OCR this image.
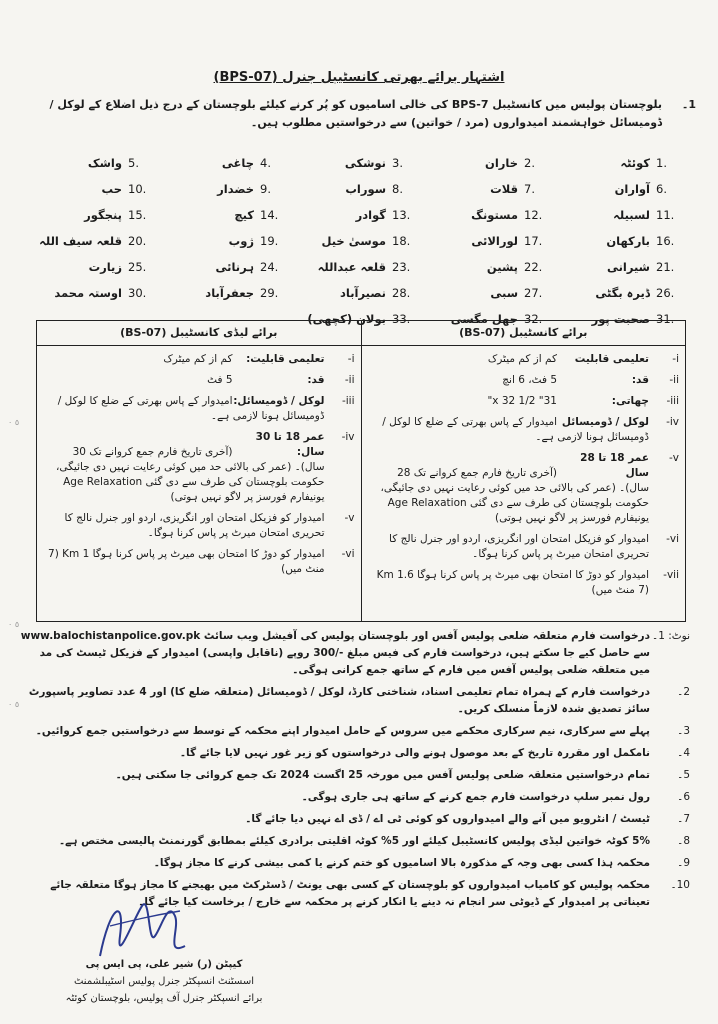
اشتہار برائے بھرتی کانسٹیبل جنرل (BPS-07)
1۔
بلوچستان پولیس میں کانسٹیبل BPS-7 کی خالی اسامیوں کو پُر کرنے کیلئے بلوچستان کے درج ذیل اضلاع کے لوکل / ڈومیسائل خواہشمند امیدواروں (مرد / خواتین) سے درخواستیں مطلوب ہیں۔
1.
کوئٹہ
2.
خاران
3.
نوشکی
4.
چاغی
5.
واشک
6.
آواران
7.
قلات
8.
سوراب
9.
خضدار
10.
حب
11.
لسبیلہ
12.
مستونگ
13.
گوادر
14.
کیچ
15.
پنجگور
16.
بارکھان
17.
لورالائی
18.
موسیٰ خیل
19.
ژوب
20.
قلعہ سیف اللہ
21.
شیرانی
22.
پشین
23.
قلعہ عبداللہ
24.
ہرنائی
25.
زیارت
26.
ڈیرہ بگٹی
27.
سبی
28.
نصیرآباد
29.
جعفرآباد
30.
اوستہ محمد
31.
صحبت پور
32.
جھل مگسی
33.
بولان (کچھی)
برائے کانسٹیبل (BS-07)
i-
تعلیمی قابلیتکم از کم میٹرک
ii-
قد:5 فٹ، 6 انچ
iii-
چھاتی:31" x 32 1/2"
iv-
لوکل / ڈومیسائلامیدوار کے پاس بھرتی کے ضلع کا لوکل / ڈومیسائل ہونا لازمی ہے۔
v-
عمر 18 تا 28 سال(آخری تاریخ فارم جمع کروانے تک 28 سال)۔ (عمر کی بالائی حد میں کوئی رعایت نہیں دی جائیگی، حکومت بلوچستان کی طرف سے دی گئی Age Relaxation یونیفارم فورسز پر لاگو نہیں ہوتی)
vi-
امیدوار کو فزیکل امتحان اور انگریزی، اردو اور جنرل نالج کا تحریری امتحان میرٹ پر پاس کرنا ہوگا۔
vii-
امیدوار کو دوڑ کا امتحان بھی میرٹ پر پاس کرنا ہوگا 1.6 Km (7 منٹ میں)
برائے لیڈی کانسٹیبل (BS-07)
i-
تعلیمی قابلیت:کم از کم میٹرک
ii-
قد:5 فٹ
iii-
لوکل / ڈومیسائل:امیدوار کے پاس بھرتی کے ضلع کا لوکل / ڈومیسائل ہونا لازمی ہے۔
iv-
عمر 18 تا 30 سال:(آخری تاریخ فارم جمع کروانے تک 30 سال)۔ (عمر کی بالائی حد میں کوئی رعایت نہیں دی جائیگی، حکومت بلوچستان کی طرف سے دی گئی Age Relaxation یونیفارم فورسز پر لاگو نہیں ہوتی)
v-
امیدوار کو فزیکل امتحان اور انگریزی، اردو اور جنرل نالج کا تحریری امتحان میرٹ پر پاس کرنا ہوگا۔
vi-
امیدوار کو دوڑ کا امتحان بھی میرٹ پر پاس کرنا ہوگا 1 Km (7 منٹ میں)
نوٹ: 1۔
درخواست فارم متعلقہ ضلعی پولیس آفس اور بلوچستان پولیس کی آفیشل ویب سائٹ www.balochistanpolice.gov.pk سے حاصل کیے جا سکتے ہیں، درخواست فارم کی فیس مبلغ -/300 روپے (ناقابل واپسی) امیدوار کے فزیکل ٹیسٹ کی مد میں متعلقہ ضلعی پولیس آفس میں فارم کے ساتھ جمع کرانی ہوگی۔
2۔
درخواست فارم کے ہمراہ تمام تعلیمی اسناد، شناختی کارڈ، لوکل / ڈومیسائل (متعلقہ ضلع کا) اور 4 عدد تصاویر پاسپورٹ سائز تصدیق شدہ لازماً منسلک کریں۔
3۔
پہلے سے سرکاری، نیم سرکاری محکمے میں سروس کے حامل امیدوار اپنے محکمہ کے توسط سے درخواستیں جمع کروائیں۔
4۔
نامکمل اور مقررہ تاریخ کے بعد موصول ہونے والی درخواستوں کو زیر غور نہیں لایا جائے گا۔
5۔
تمام درخواستیں متعلقہ ضلعی پولیس آفس میں مورخہ 25 اگست 2024 تک جمع کروائی جا سکتی ہیں۔
6۔
رول نمبر سلپ درخواست فارم جمع کرنے کے ساتھ ہی جاری ہوگی۔
7۔
ٹیسٹ / انٹرویو میں آنے والے امیدواروں کو کوئی ٹی اے / ڈی اے نہیں دیا جائے گا۔
8۔
5% کوٹہ خواتین لیڈی پولیس کانسٹیبل کیلئے اور 5% کوٹہ اقلیتی برادری کیلئے بمطابق گورنمنٹ پالیسی مختص ہے۔
9۔
محکمہ ہذا کسی بھی وجہ کے مذکورہ بالا اسامیوں کو ختم کرنے یا کمی بیشی کرنے کا مجاز ہوگا۔
10۔
محکمہ پولیس کو کامیاب امیدواروں کو بلوچستان کے کسی بھی یونٹ / ڈسٹرکٹ میں بھیجنے کا مجاز ہوگا متعلقہ جائے تعیناتی پر امیدوار کے ڈیوٹی سر انجام نہ دینے یا انکار کرنے پر محکمہ سے خارج / برخاست کیا جائے گا۔
٥ ٠
٥ ٠
٥ ٠
کیپٹن (ر) شیر علی، پی ایس پی
اسسٹنٹ انسپکٹر جنرل پولیس اسٹیبلشمنٹ
برائے انسپکٹر جنرل آف پولیس، بلوچستان کوئٹہ
